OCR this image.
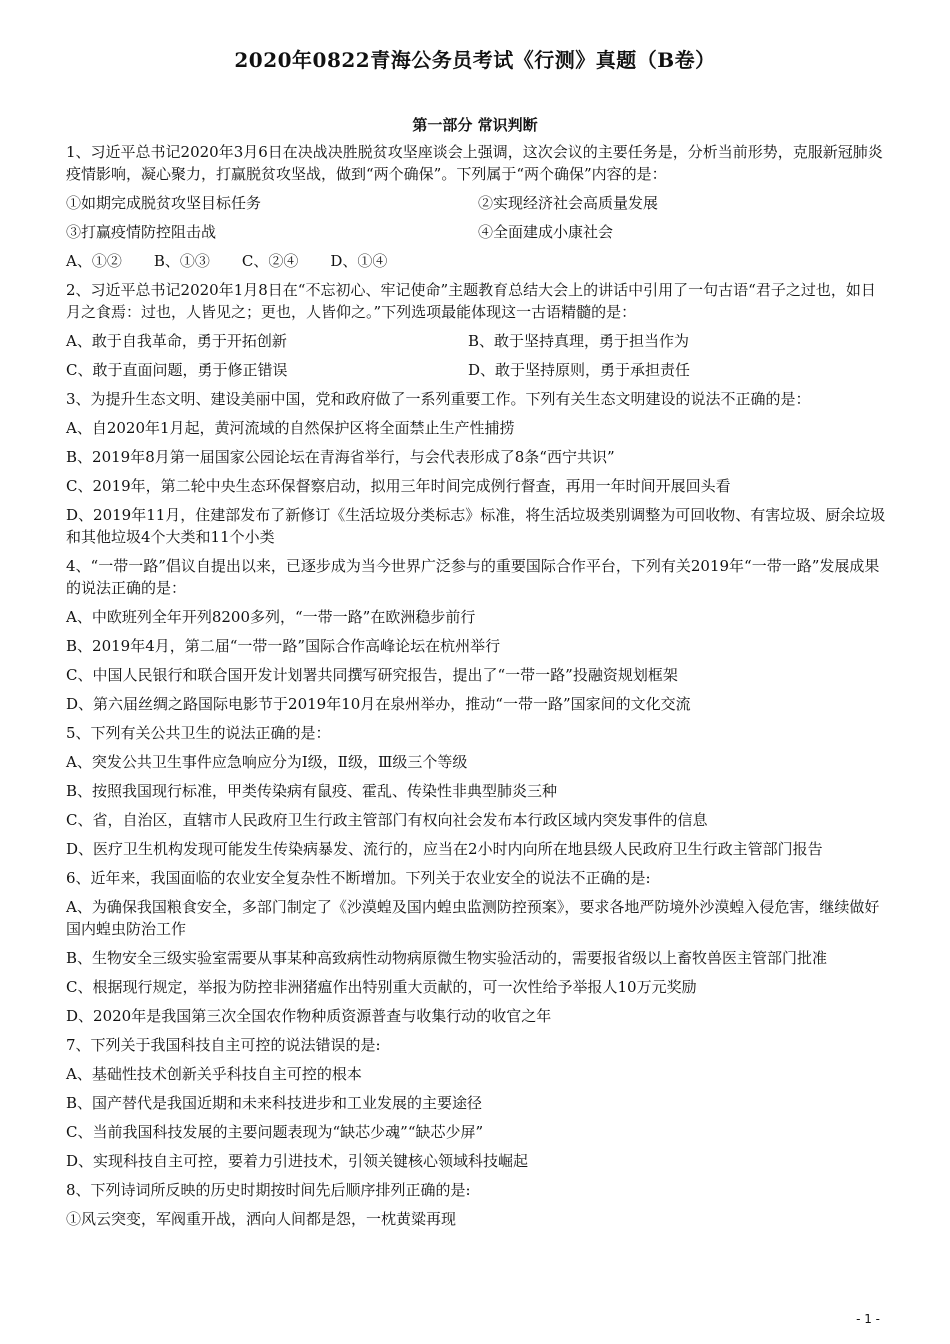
2020年0822青海公务员考试《行测》真题（B卷）
第一部分 常识判断
1、习近平总书记2020年3月6日在决战决胜脱贫攻坚座谈会上强调，这次会议的主要任务是，分析当前形势，克服新冠肺炎疫情影响，凝心聚力，打赢脱贫攻坚战，做到“两个确保”。下列属于“两个确保”内容的是：
①如期完成脱贫攻坚目标任务	②实现经济社会高质量发展
③打赢疫情防控阻击战	④全面建成小康社会
A、①② B、①③ C、②④ D、①④
2、习近平总书记2020年1月8日在“不忘初心、牢记使命”主题教育总结大会上的讲话中引用了一句古语“君子之过也，如日月之食焉：过也，人皆见之；更也，人皆仰之。”下列选项最能体现这一古语精髓的是：
A、敢于自我革命，勇于开拓创新	B、敢于坚持真理，勇于担当作为
C、敢于直面问题，勇于修正错误	D、敢于坚持原则，勇于承担责任
3、为提升生态文明、建设美丽中国，党和政府做了一系列重要工作。下列有关生态文明建设的说法不正确的是：
A、自2020年1月起，黄河流域的自然保护区将全面禁止生产性捕捞
B、2019年8月第一届国家公园论坛在青海省举行，与会代表形成了8条“西宁共识”
C、2019年，第二轮中央生态环保督察启动，拟用三年时间完成例行督查，再用一年时间开展回头看
D、2019年11月，住建部发布了新修订《生活垃圾分类标志》标准，将生活垃圾类别调整为可回收物、有害垃圾、厨余垃圾和其他垃圾4个大类和11个小类
4、“一带一路”倡议自提出以来，已逐步成为当今世界广泛参与的重要国际合作平台，下列有关2019年“一带一路”发展成果的说法正确的是：
A、中欧班列全年开列8200多列，“一带一路”在欧洲稳步前行
B、2019年4月，第二届“一带一路”国际合作高峰论坛在杭州举行
C、中国人民银行和联合国开发计划署共同撰写研究报告，提出了“一带一路”投融资规划框架
D、第六届丝绸之路国际电影节于2019年10月在泉州举办，推动“一带一路”国家间的文化交流
5、下列有关公共卫生的说法正确的是：
A、突发公共卫生事件应急响应分为Ⅰ级，Ⅱ级，Ⅲ级三个等级
B、按照我国现行标准，甲类传染病有鼠疫、霍乱、传染性非典型肺炎三种
C、省，自治区，直辖市人民政府卫生行政主管部门有权向社会发布本行政区域内突发事件的信息
D、医疗卫生机构发现可能发生传染病暴发、流行的，应当在2小时内向所在地县级人民政府卫生行政主管部门报告
6、近年来，我国面临的农业安全复杂性不断增加。下列关于农业安全的说法不正确的是:
A、为确保我国粮食安全，多部门制定了《沙漠蝗及国内蝗虫监测防控预案》，要求各地严防境外沙漠蝗入侵危害，继续做好国内蝗虫防治工作
B、生物安全三级实验室需要从事某种高致病性动物病原微生物实验活动的，需要报省级以上畜牧兽医主管部门批准
C、根据现行规定，举报为防控非洲猪瘟作出特别重大贡献的，可一次性给予举报人10万元奖励
D、2020年是我国第三次全国农作物种质资源普查与收集行动的收官之年
7、下列关于我国科技自主可控的说法错误的是:
A、基础性技术创新关乎科技自主可控的根本
B、国产替代是我国近期和未来科技进步和工业发展的主要途径
C、当前我国科技发展的主要问题表现为“缺芯少魂”“缺芯少屏”
D、实现科技自主可控，要着力引进技术，引领关键核心领域科技崛起
8、下列诗词所反映的历史时期按时间先后顺序排列正确的是:
①风云突变，军阀重开战，洒向人间都是怨，一枕黄粱再现
- 1 -
